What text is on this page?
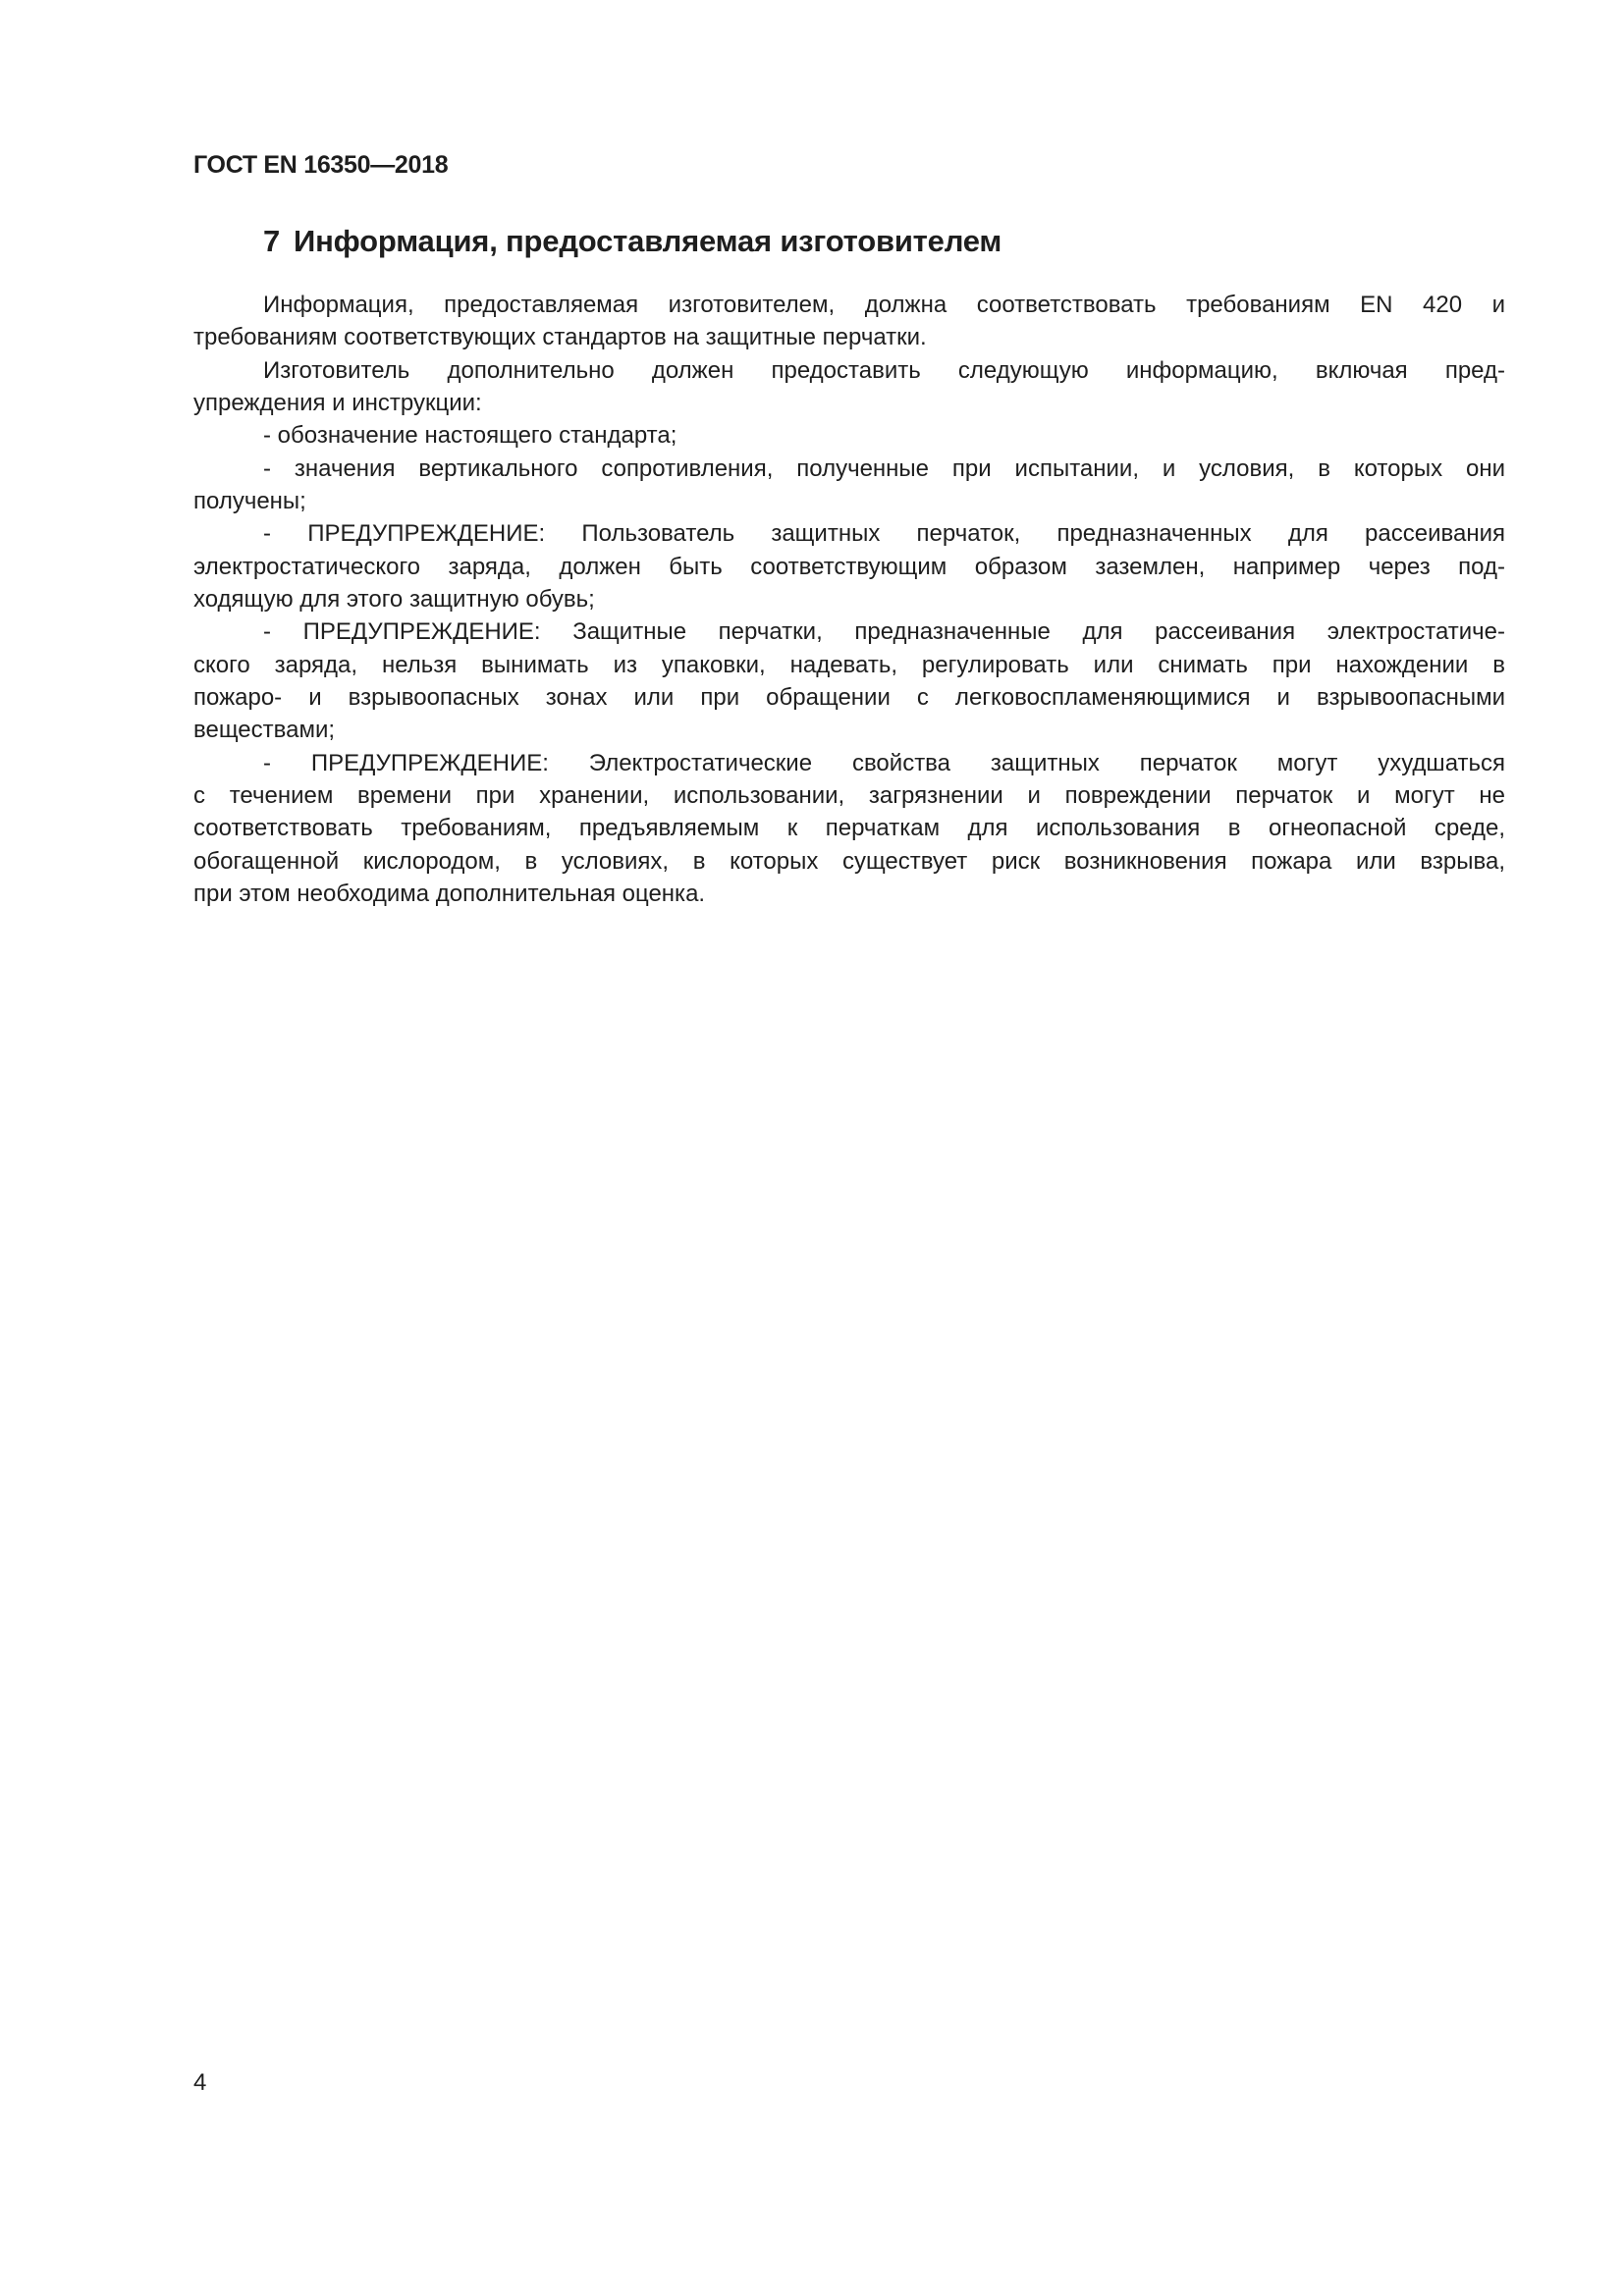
ГОСТ EN 16350—2018
7 Информация, предоставляемая изготовителем
Информация, предоставляемая изготовителем, должна соответствовать требованиям EN 420 и
требованиям соответствующих стандартов на защитные перчатки.
Изготовитель дополнительно должен предоставить следующую информацию, включая пред-
упреждения и инструкции:
- обозначение настоящего стандарта;
- значения вертикального сопротивления, полученные при испытании, и условия, в которых они
получены;
- ПРЕДУПРЕЖДЕНИЕ: Пользователь защитных перчаток, предназначенных для рассеивания
электростатического заряда, должен быть соответствующим образом заземлен, например через под-
ходящую для этого защитную обувь;
- ПРЕДУПРЕЖДЕНИЕ: Защитные перчатки, предназначенные для рассеивания электростатиче-
ского заряда, нельзя вынимать из упаковки, надевать, регулировать или снимать при нахождении в
пожаро- и взрывоопасных зонах или при обращении с легковоспламеняющимися и взрывоопасными
веществами;
- ПРЕДУПРЕЖДЕНИЕ: Электростатические свойства защитных перчаток могут ухудшаться
с течением времени при хранении, использовании, загрязнении и повреждении перчаток и могут не
соответствовать требованиям, предъявляемым к перчаткам для использования в огнеопасной среде,
обогащенной кислородом, в условиях, в которых существует риск возникновения пожара или взрыва,
при этом необходима дополнительная оценка.
4
